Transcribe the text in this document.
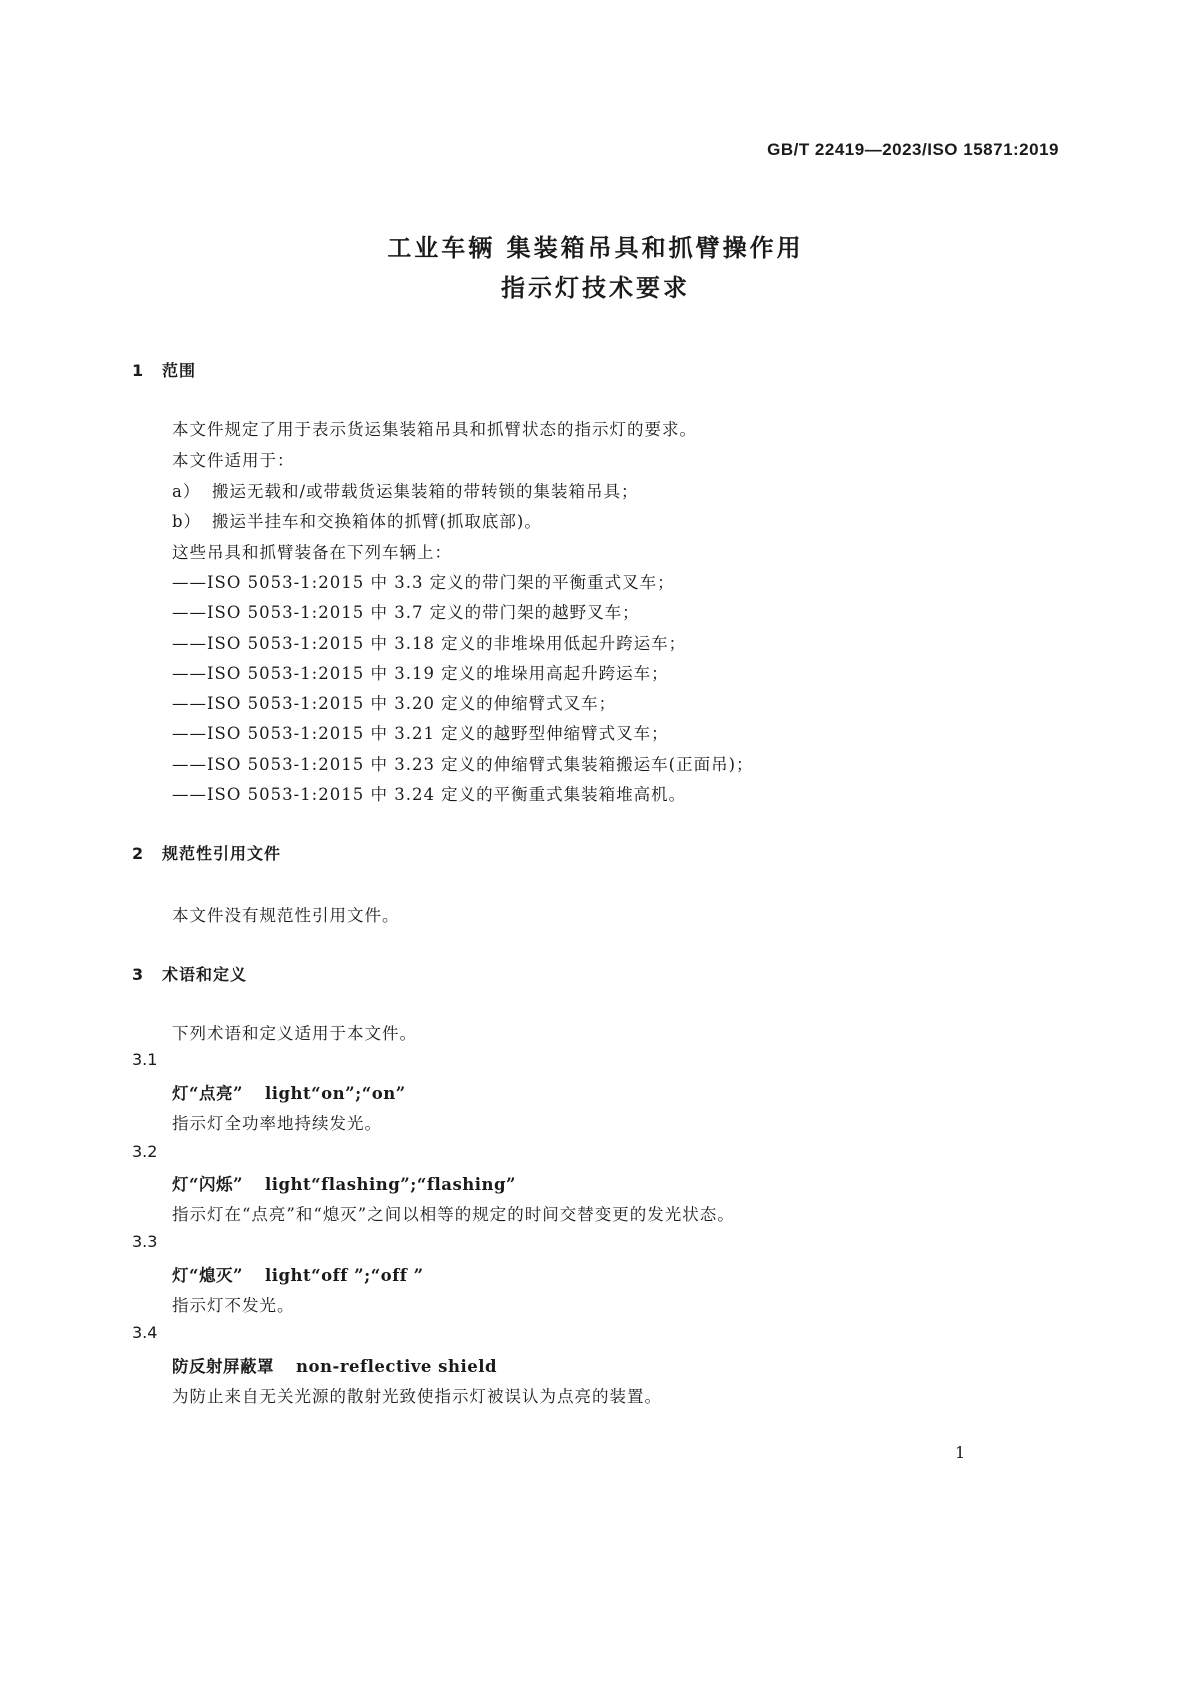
GB/T 22419—2023/ISO 15871:2019
工业车辆 集装箱吊具和抓臂操作用
指示灯技术要求
1 范围
本文件规定了用于表示货运集装箱吊具和抓臂状态的指示灯的要求。
本文件适用于：
a） 搬运无载和/或带载货运集装箱的带转锁的集装箱吊具；
b） 搬运半挂车和交换箱体的抓臂(抓取底部)。
这些吊具和抓臂装备在下列车辆上：
——ISO 5053-1:2015 中 3.3 定义的带门架的平衡重式叉车；
——ISO 5053-1:2015 中 3.7 定义的带门架的越野叉车；
——ISO 5053-1:2015 中 3.18 定义的非堆垛用低起升跨运车；
——ISO 5053-1:2015 中 3.19 定义的堆垛用高起升跨运车；
——ISO 5053-1:2015 中 3.20 定义的伸缩臂式叉车；
——ISO 5053-1:2015 中 3.21 定义的越野型伸缩臂式叉车；
——ISO 5053-1:2015 中 3.23 定义的伸缩臂式集装箱搬运车(正面吊)；
——ISO 5053-1:2015 中 3.24 定义的平衡重式集装箱堆高机。
2 规范性引用文件
本文件没有规范性引用文件。
3 术语和定义
下列术语和定义适用于本文件。
3.1
灯“点亮” light“on”;“on”
指示灯全功率地持续发光。
3.2
灯“闪烁” light“flashing”;“flashing”
指示灯在“点亮”和“熄灭”之间以相等的规定的时间交替变更的发光状态。
3.3
灯“熄灭” light“off ”;“off ”
指示灯不发光。
3.4
防反射屏蔽罩 non-reflective shield
为防止来自无关光源的散射光致使指示灯被误认为点亮的装置。
1
